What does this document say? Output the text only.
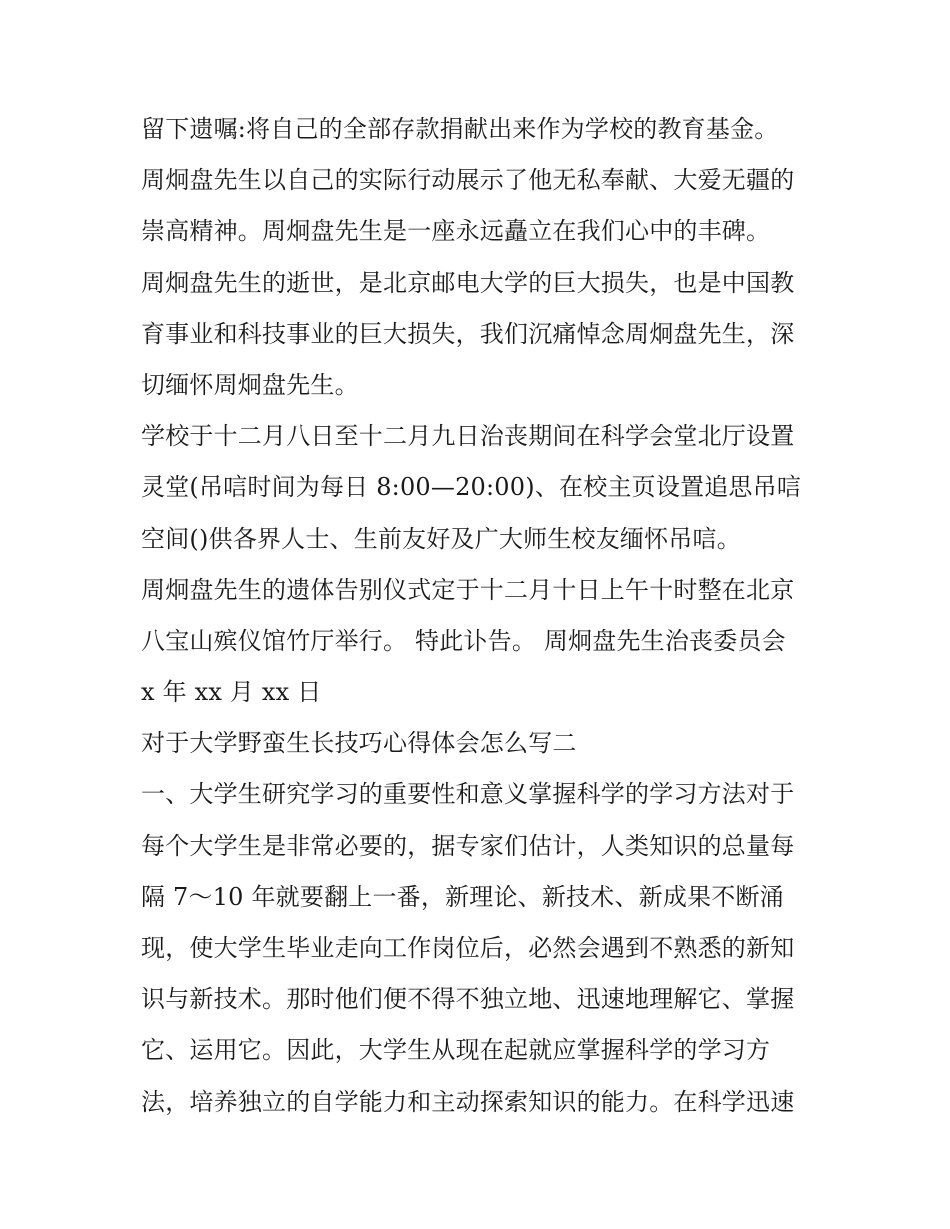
留下遗嘱:将自己的全部存款捐献出来作为学校的教育基金。
周炯盘先生以自己的实际行动展示了他无私奉献、大爱无疆的
崇高精神。周炯盘先生是一座永远矗立在我们心中的丰碑。
周炯盘先生的逝世，是北京邮电大学的巨大损失，也是中国教
育事业和科技事业的巨大损失，我们沉痛悼念周炯盘先生，深
切缅怀周炯盘先生。
学校于十二月八日至十二月九日治丧期间在科学会堂北厅设置
灵堂(吊唁时间为每日 8:00—20:00)、在校主页设置追思吊唁
空间()供各界人士、生前友好及广大师生校友缅怀吊唁。
周炯盘先生的遗体告别仪式定于十二月十日上午十时整在北京
八宝山殡仪馆竹厅举行。 特此讣告。 周炯盘先生治丧委员会
x 年 xx 月 xx 日
对于大学野蛮生长技巧心得体会怎么写二
一、大学生研究学习的重要性和意义掌握科学的学习方法对于
每个大学生是非常必要的，据专家们估计，人类知识的总量每
隔 7～10 年就要翻上一番，新理论、新技术、新成果不断涌
现，使大学生毕业走向工作岗位后，必然会遇到不熟悉的新知
识与新技术。那时他们便不得不独立地、迅速地理解它、掌握
它、运用它。因此，大学生从现在起就应掌握科学的学习方
法，培养独立的自学能力和主动探索知识的能力。在科学迅速
